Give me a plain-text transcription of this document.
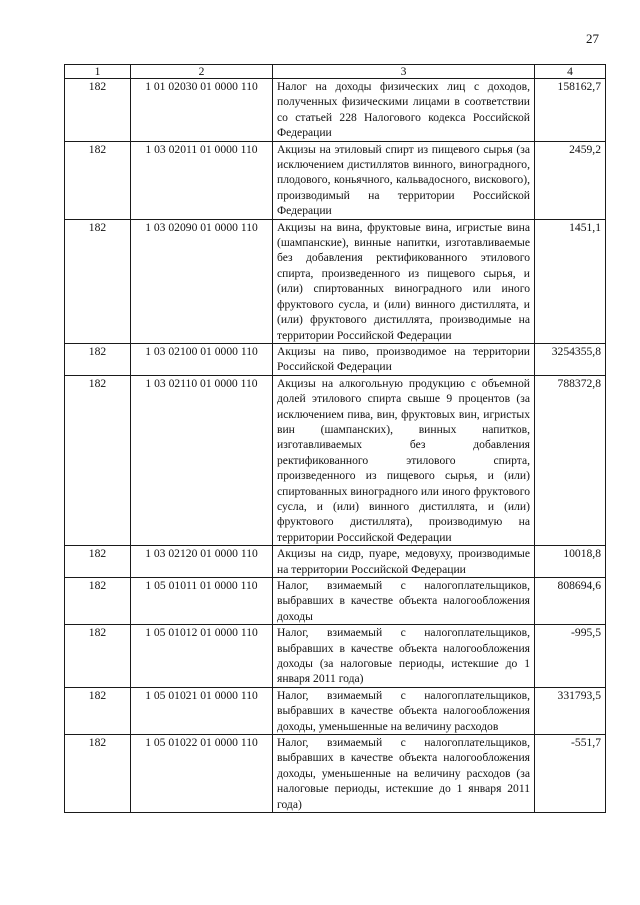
27
1	2	3	4
182	1 01 02030 01 0000 110	Налог на доходы физических лиц с доходов, полученных физическими лицами в соответствии со статьей 228 Налогового кодекса Российской Федерации	158162,7
182	1 03 02011 01 0000 110	Акцизы на этиловый спирт из пищевого сырья (за исключением дистиллятов винного, виноградного, плодового, коньячного, кальвадосного, вискового), производимый на территории Российской Федерации	2459,2
182	1 03 02090 01 0000 110	Акцизы на вина, фруктовые вина, игристые вина (шампанские), винные напитки, изготавливаемые без добавления ректификованного этилового спирта, произведенного из пищевого сырья, и (или) спиртованных виноградного или иного фруктового сусла, и (или) винного дистиллята, и (или) фруктового дистиллята, производимые на территории Российской Федерации	1451,1
182	1 03 02100 01 0000 110	Акцизы на пиво, производимое на территории Российской Федерации	3254355,8
182	1 03 02110 01 0000 110	Акцизы на алкогольную продукцию с объемной долей этилового спирта свыше 9 процентов (за исключением пива, вин, фруктовых вин, игристых вин (шампанских), винных напитков, изготавливаемых без добавления ректификованного этилового спирта, произведенного из пищевого сырья, и (или) спиртованных виноградного или иного фруктового сусла, и (или) винного дистиллята, и (или) фруктового дистиллята), производимую на территории Российской Федерации	788372,8
182	1 03 02120 01 0000 110	Акцизы на сидр, пуаре, медовуху, производимые на территории Российской Федерации	10018,8
182	1 05 01011 01 0000 110	Налог, взимаемый с налогоплательщиков, выбравших в качестве объекта налогообложения доходы	808694,6
182	1 05 01012 01 0000 110	Налог, взимаемый с налогоплательщиков, выбравших в качестве объекта налогообложения доходы (за налоговые периоды, истекшие до 1 января 2011 года)	-995,5
182	1 05 01021 01 0000 110	Налог, взимаемый с налогоплательщиков, выбравших в качестве объекта налогообложения доходы, уменьшенные на величину расходов	331793,5
182	1 05 01022 01 0000 110	Налог, взимаемый с налогоплательщиков, выбравших в качестве объекта налогообложения доходы, уменьшенные на величину расходов (за налоговые периоды, истекшие до 1 января 2011 года)	-551,7
